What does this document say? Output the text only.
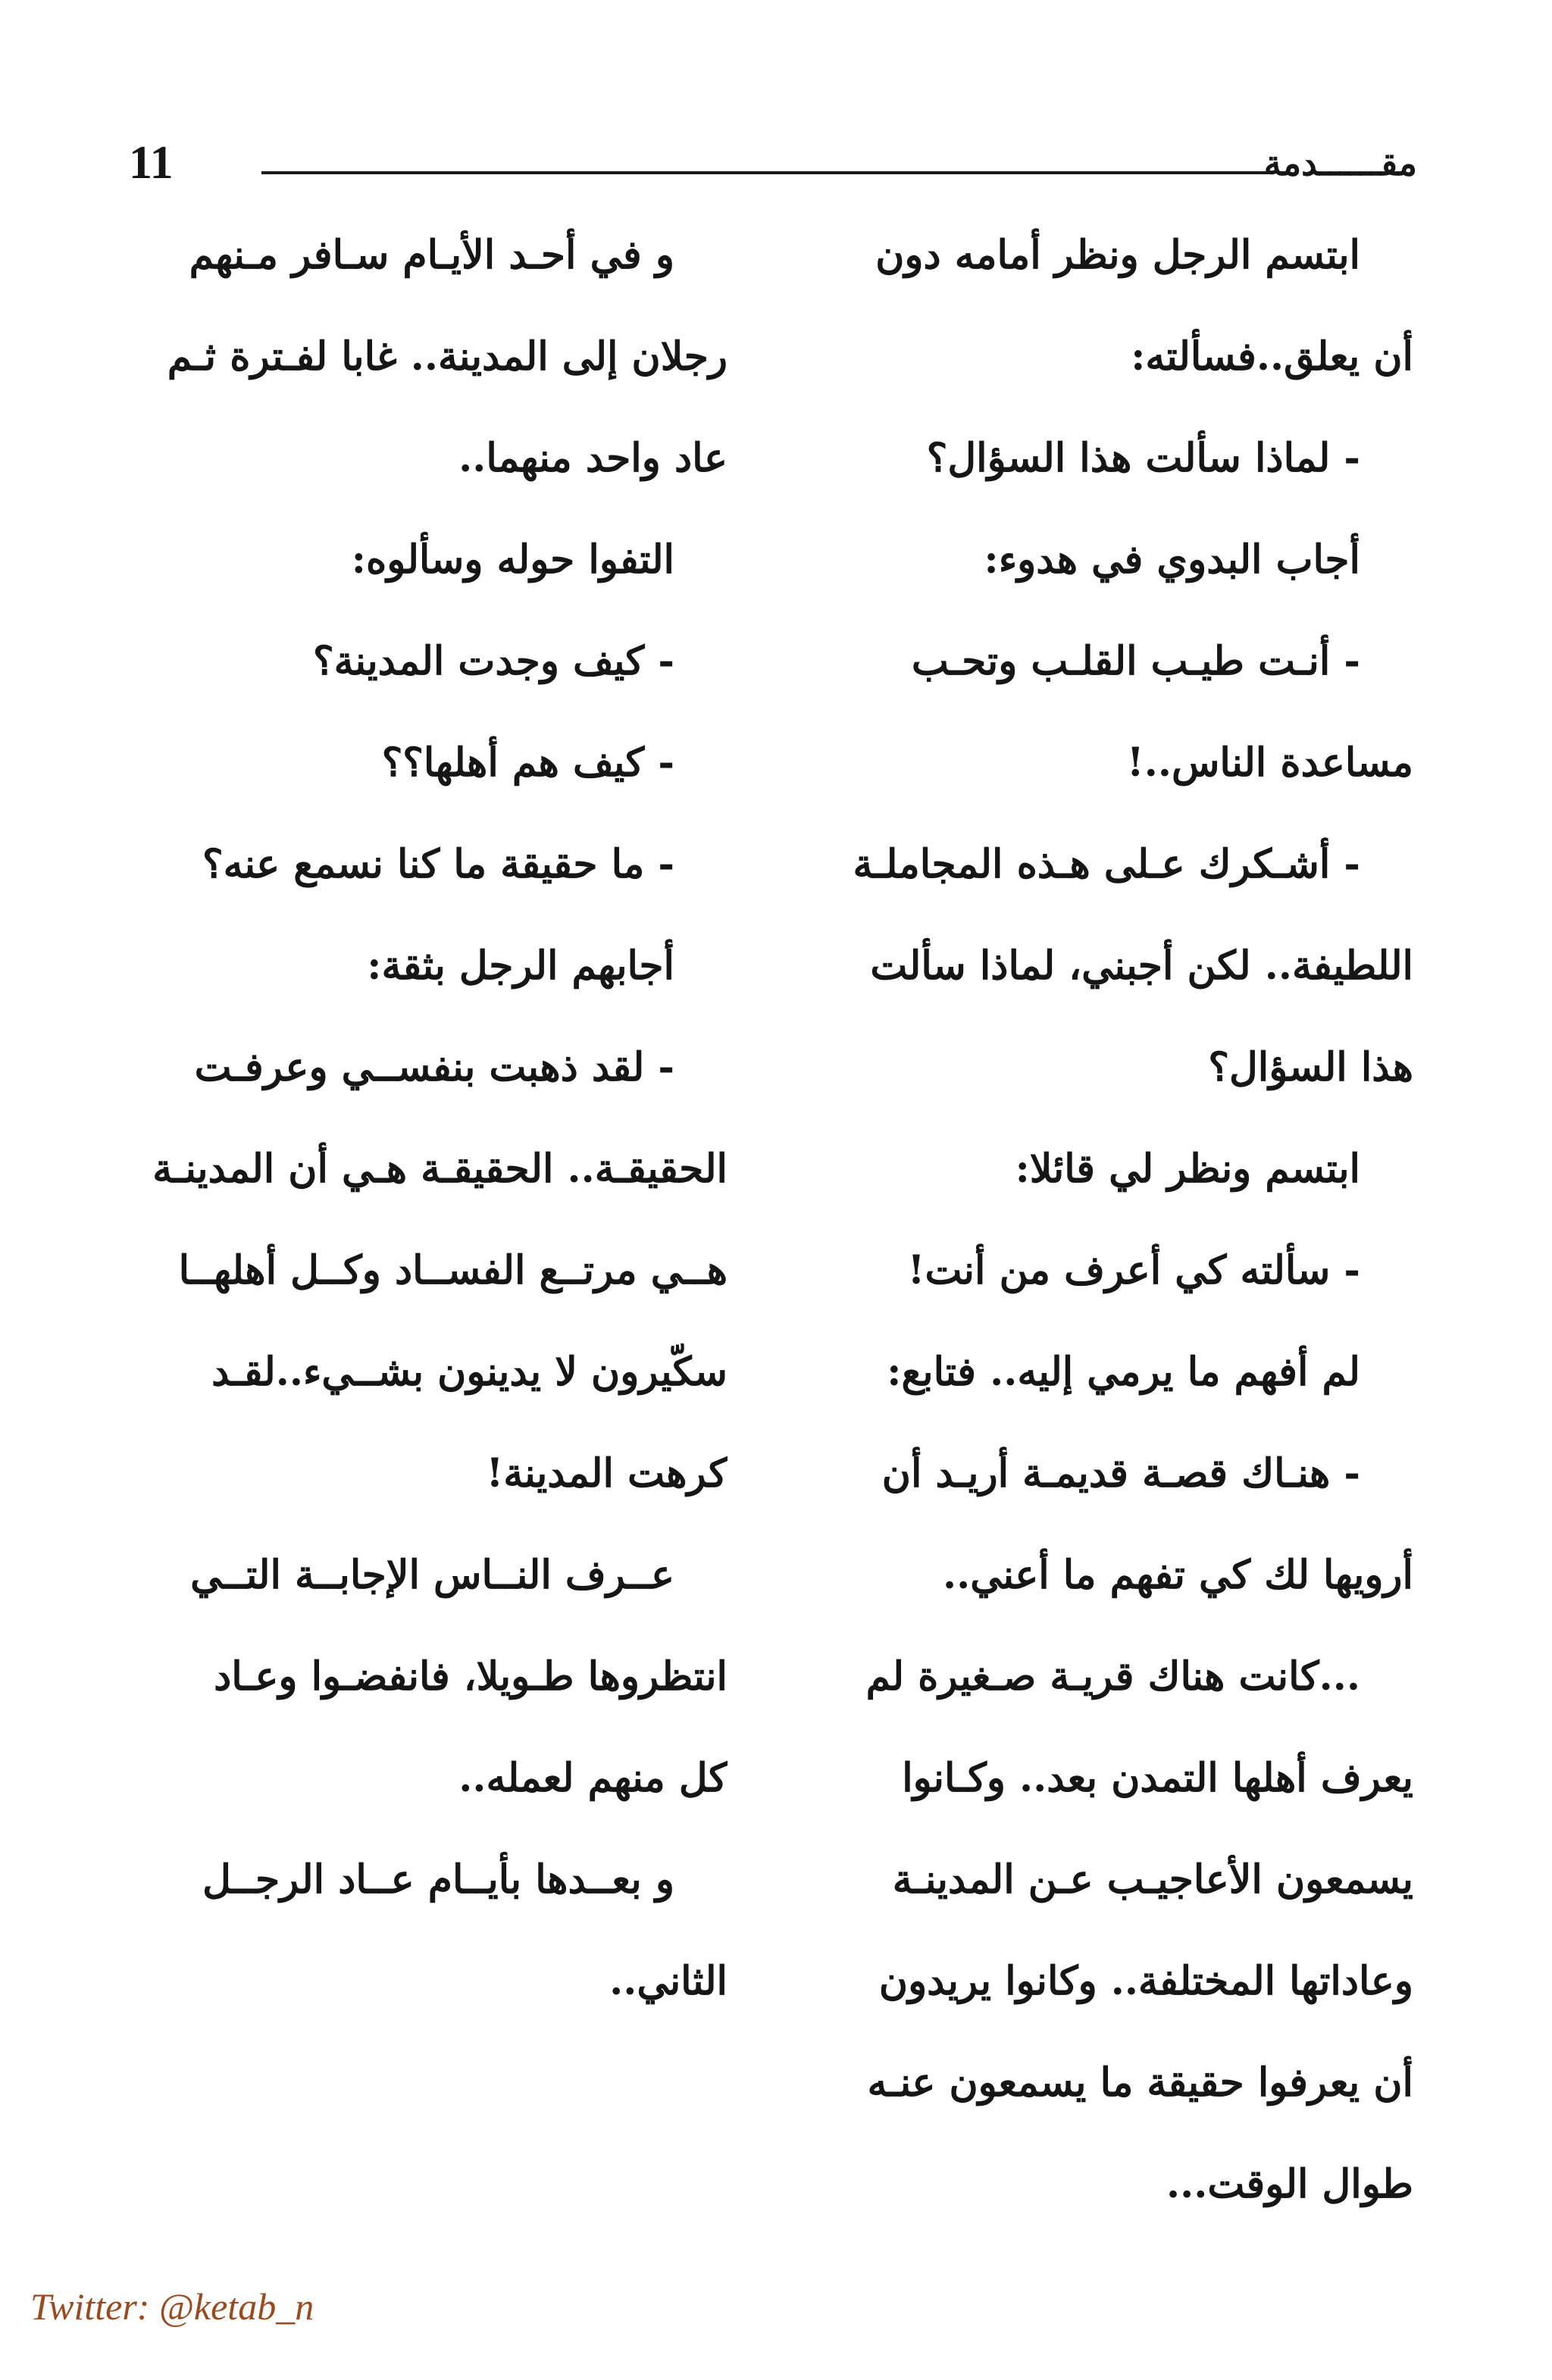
11	مقــــــدمة
ابتسم الرجل ونظر أمامه دون
أن يعلق..فسألته:
- لماذا سألت هذا السؤال؟
أجاب البدوي في هدوء:
- أنـت طيـب القلـب وتحـب
مساعدة الناس..!
- أشـكرك عـلى هـذه المجاملـة
اللطيفة.. لكن أجبني، لماذا سألت
هذا السؤال؟
ابتسم ونظر لي قائلا:
- سألته كي أعرف من أنت!
لم أفهم ما يرمي إليه.. فتابع:
- هنـاك قصـة قديمـة أريـد أن
أرويها لك كي تفهم ما أعني..
...كانت هناك قريـة صـغيرة لم
يعرف أهلها التمدن بعد.. وكـانوا
يسمعون الأعاجيـب عـن المدينـة
وعاداتها المختلفة.. وكانوا يريدون
أن يعرفوا حقيقة ما يسمعون عنـه
طوال الوقت...
و في أحـد الأيـام سـافر مـنهم
رجلان إلى المدينة.. غابا لفـترة ثـم
عاد واحد منهما..
التفوا حوله وسألوه:
- كيف وجدت المدينة؟
- كيف هم أهلها؟؟
- ما حقيقة ما كنا نسمع عنه؟
أجابهم الرجل بثقة:
- لقد ذهبت بنفســي وعرفـت
الحقيقـة.. الحقيقـة هـي أن المدينـة
هــي مرتــع الفســاد وكــل أهلهــا
سكّيرون لا يدينون بشــيء..لقـد
كرهت المدينة!
عــرف النــاس الإجابــة التــي
انتظروها طـويلا، فانفضـوا وعـاد
كل منهم لعمله..
و بعــدها بأيــام عــاد الرجــل
الثاني..
Twitter: @ketab_n
